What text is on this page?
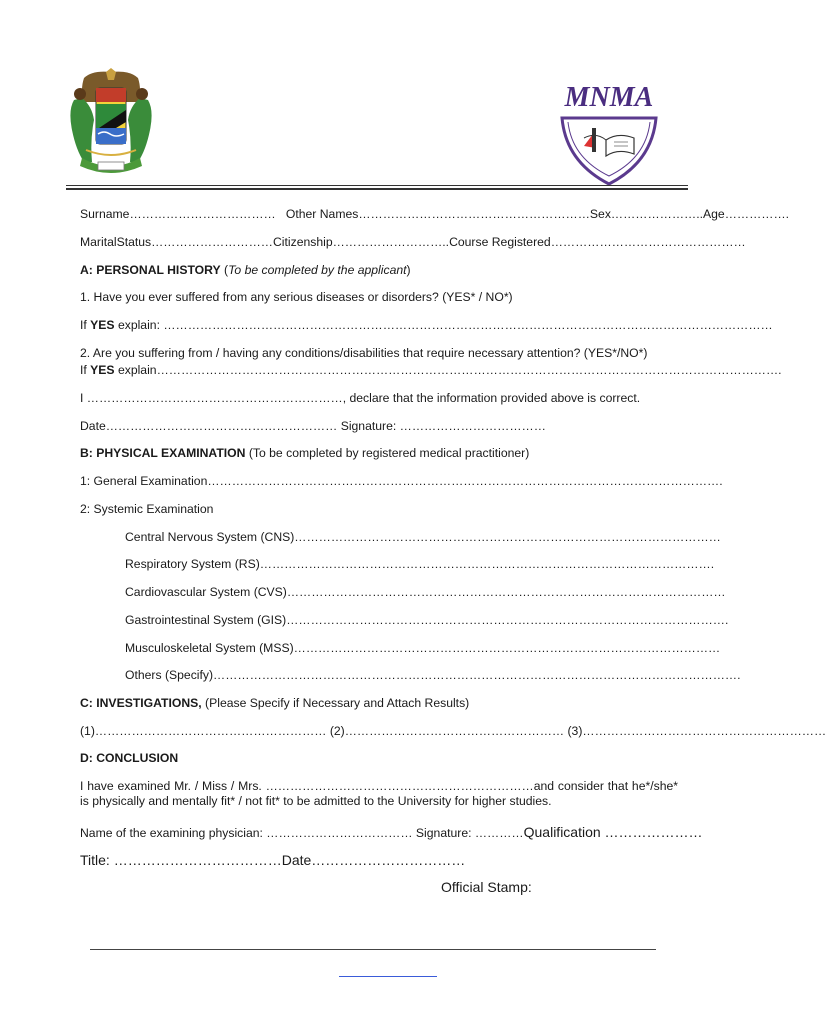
MNMA
Surname……………………………… Other Names…………………………………………………Sex…………………..Age…………….
MaritalStatus…………………………Citizenship………………………..Course Registered…………………………………………
A: PERSONAL HISTORY (To be completed by the applicant)
1. Have you ever suffered from any serious diseases or disorders? (YES* / NO*)
If YES explain: ……………………………………………………………………………………………………………………………………
2. Are you suffering from / having any conditions/disabilities that require necessary attention? (YES*/NO*)
If YES explain……………………………………………………………………………………………………………………………………….
I ………………………………………………………, declare that the information provided above is correct.
Date………………………………………………… Signature: ………………………………
B: PHYSICAL EXAMINATION (To be completed by registered medical practitioner)
1: General Examination……………………………………………………………………………………………………………….
2: Systemic Examination
Central Nervous System (CNS)……………………………………………………………………………………………
Respiratory System (RS)………………………………………………………………………………………………….
Cardiovascular System (CVS)………………………………………………………………………………………………
Gastrointestinal System (GIS)……………………………………………………………………………………………….
Musculoskeletal System (MSS)……………………………………………………………………………………………
Others (Specify)………………………………………………………………………………………………………………….
C: INVESTIGATIONS, (Please Specify if Necessary and Attach Results)
(1)………………………………………………… (2)……………………………………………… (3)……………………………………………………
D: CONCLUSION
I have examined Mr. / Miss / Mrs. …………………………………………………………and consider that he*/she* is physically and mentally fit* / not fit* to be admitted to the University for higher studies.
Name of the examining physician: ……………………………… Signature: …………Qualification …………………
Title: ………………………………Date……………………………
Official Stamp:
